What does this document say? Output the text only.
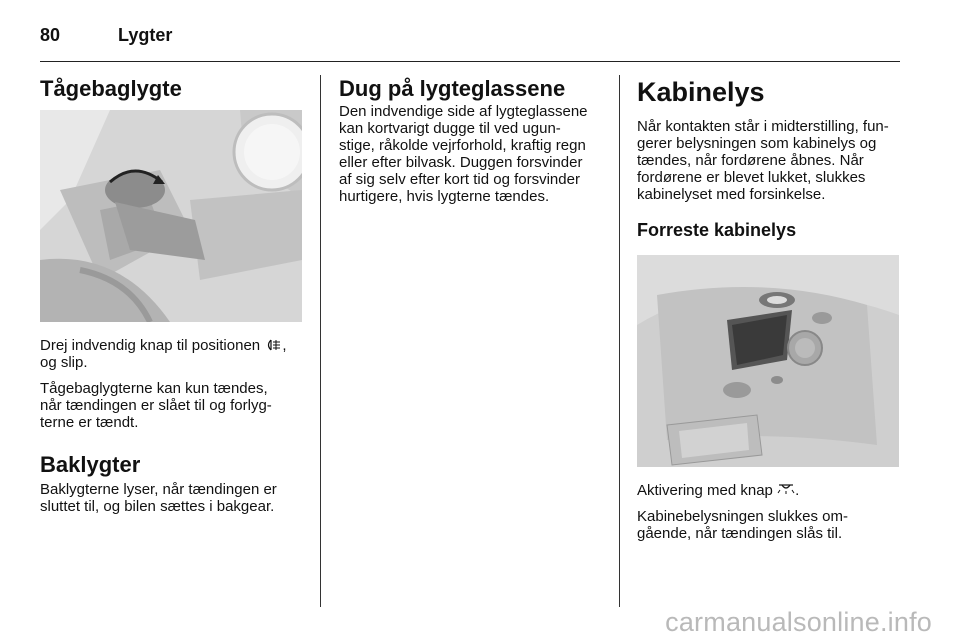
80	Lygter
Tågebaglygte

Drej indvendig knap til positionen ,
og slip.

Tågebaglygterne kan kun tændes,
når tændingen er slået til og forlyg-
terne er tændt.

Baklygter

Baklygterne lyser, når tændingen er
sluttet til, og bilen sættes i bakgear.

Dug på lygteglassene

Den indvendige side af lygteglassene
kan kortvarigt dugge til ved ugun-
stige, råkolde vejrforhold, kraftig regn
eller efter bilvask. Duggen forsvinder
af sig selv efter kort tid og forsvinder
hurtigere, hvis lygterne tændes.

Kabinelys

Når kontakten står i midterstilling, fun-
gerer belysningen som kabinelys og
tændes, når fordørene åbnes. Når
fordørene er blevet lukket, slukkes
kabinelyset med forsinkelse.

Forreste kabinelys

Aktivering med knap .

Kabinebelysningen slukkes om-
gående, når tændingen slås til.

carmanualsonline.info
